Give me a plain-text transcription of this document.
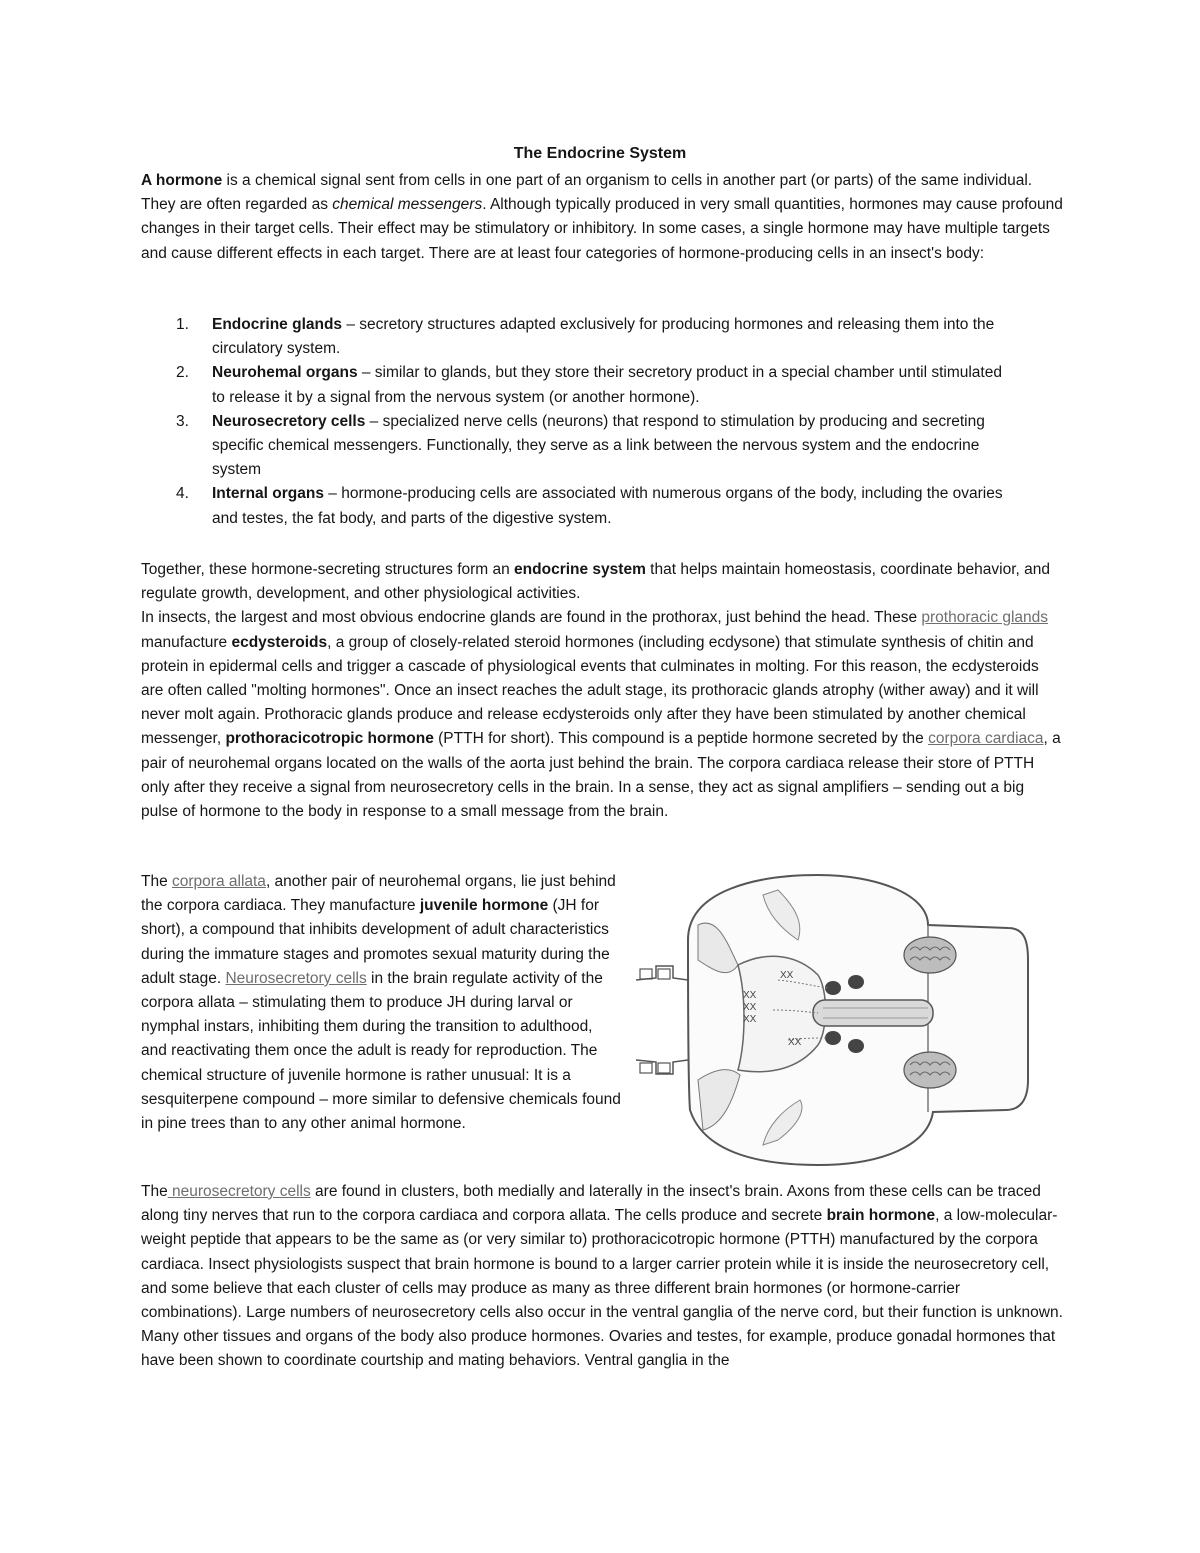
The Endocrine System
A hormone is a chemical signal sent from cells in one part of an organism to cells in another part (or parts) of the same individual. They are often regarded as chemical messengers. Although typically produced in very small quantities, hormones may cause profound changes in their target cells. Their effect may be stimulatory or inhibitory. In some cases, a single hormone may have multiple targets and cause different effects in each target. There are at least four categories of hormone-producing cells in an insect's body:
1. Endocrine glands – secretory structures adapted exclusively for producing hormones and releasing them into the circulatory system.
2. Neurohemal organs – similar to glands, but they store their secretory product in a special chamber until stimulated to release it by a signal from the nervous system (or another hormone).
3. Neurosecretory cells – specialized nerve cells (neurons) that respond to stimulation by producing and secreting specific chemical messengers. Functionally, they serve as a link between the nervous system and the endocrine system
4. Internal organs – hormone-producing cells are associated with numerous organs of the body, including the ovaries and testes, the fat body, and parts of the digestive system.

Together, these hormone-secreting structures form an endocrine system that helps maintain homeostasis, coordinate behavior, and regulate growth, development, and other physiological activities.

In insects, the largest and most obvious endocrine glands are found in the prothorax, just behind the head. These prothoracic glands manufacture ecdysteroids, a group of closely-related steroid hormones (including ecdysone) that stimulate synthesis of chitin and protein in epidermal cells and trigger a cascade of physiological events that culminates in molting. For this reason, the ecdysteroids are often called "molting hormones". Once an insect reaches the adult stage, its prothoracic glands atrophy (wither away) and it will never molt again. Prothoracic glands produce and release ecdysteroids only after they have been stimulated by another chemical messenger, prothoracicotropic hormone (PTTH for short). This compound is a peptide hormone secreted by the corpora cardiaca, a pair of neurohemal organs located on the walls of the aorta just behind the brain. The corpora cardiaca release their store of PTTH only after they receive a signal from neurosecretory cells in the brain. In a sense, they act as signal amplifiers – sending out a big pulse of hormone to the body in response to a small message from the brain.

The corpora allata, another pair of neurohemal organs, lie just behind the corpora cardiaca. They manufacture juvenile hormone (JH for short), a compound that inhibits development of adult characteristics during the immature stages and promotes sexual maturity during the adult stage. Neurosecretory cells in the brain regulate activity of the corpora allata – stimulating them to produce JH during larval or nymphal instars, inhibiting them during the transition to adulthood, and reactivating them once the adult is ready for reproduction. The chemical structure of juvenile hormone is rather unusual: It is a sesquiterpene compound – more similar to defensive chemicals found in pine trees than to any other animal hormone.

XX
XX
XX
XX
XX

The neurosecretory cells are found in clusters, both medially and laterally in the insect's brain. Axons from these cells can be traced along tiny nerves that run to the corpora cardiaca and corpora allata. The cells produce and secrete brain hormone, a low-molecular-weight peptide that appears to be the same as (or very similar to) prothoracicotropic hormone (PTTH) manufactured by the corpora cardiaca. Insect physiologists suspect that brain hormone is bound to a larger carrier protein while it is inside the neurosecretory cell, and some believe that each cluster of cells may produce as many as three different brain hormones (or hormone-carrier combinations). Large numbers of neurosecretory cells also occur in the ventral ganglia of the nerve cord, but their function is unknown.

Many other tissues and organs of the body also produce hormones. Ovaries and testes, for example, produce gonadal hormones that have been shown to coordinate courtship and mating behaviors. Ventral ganglia in the
